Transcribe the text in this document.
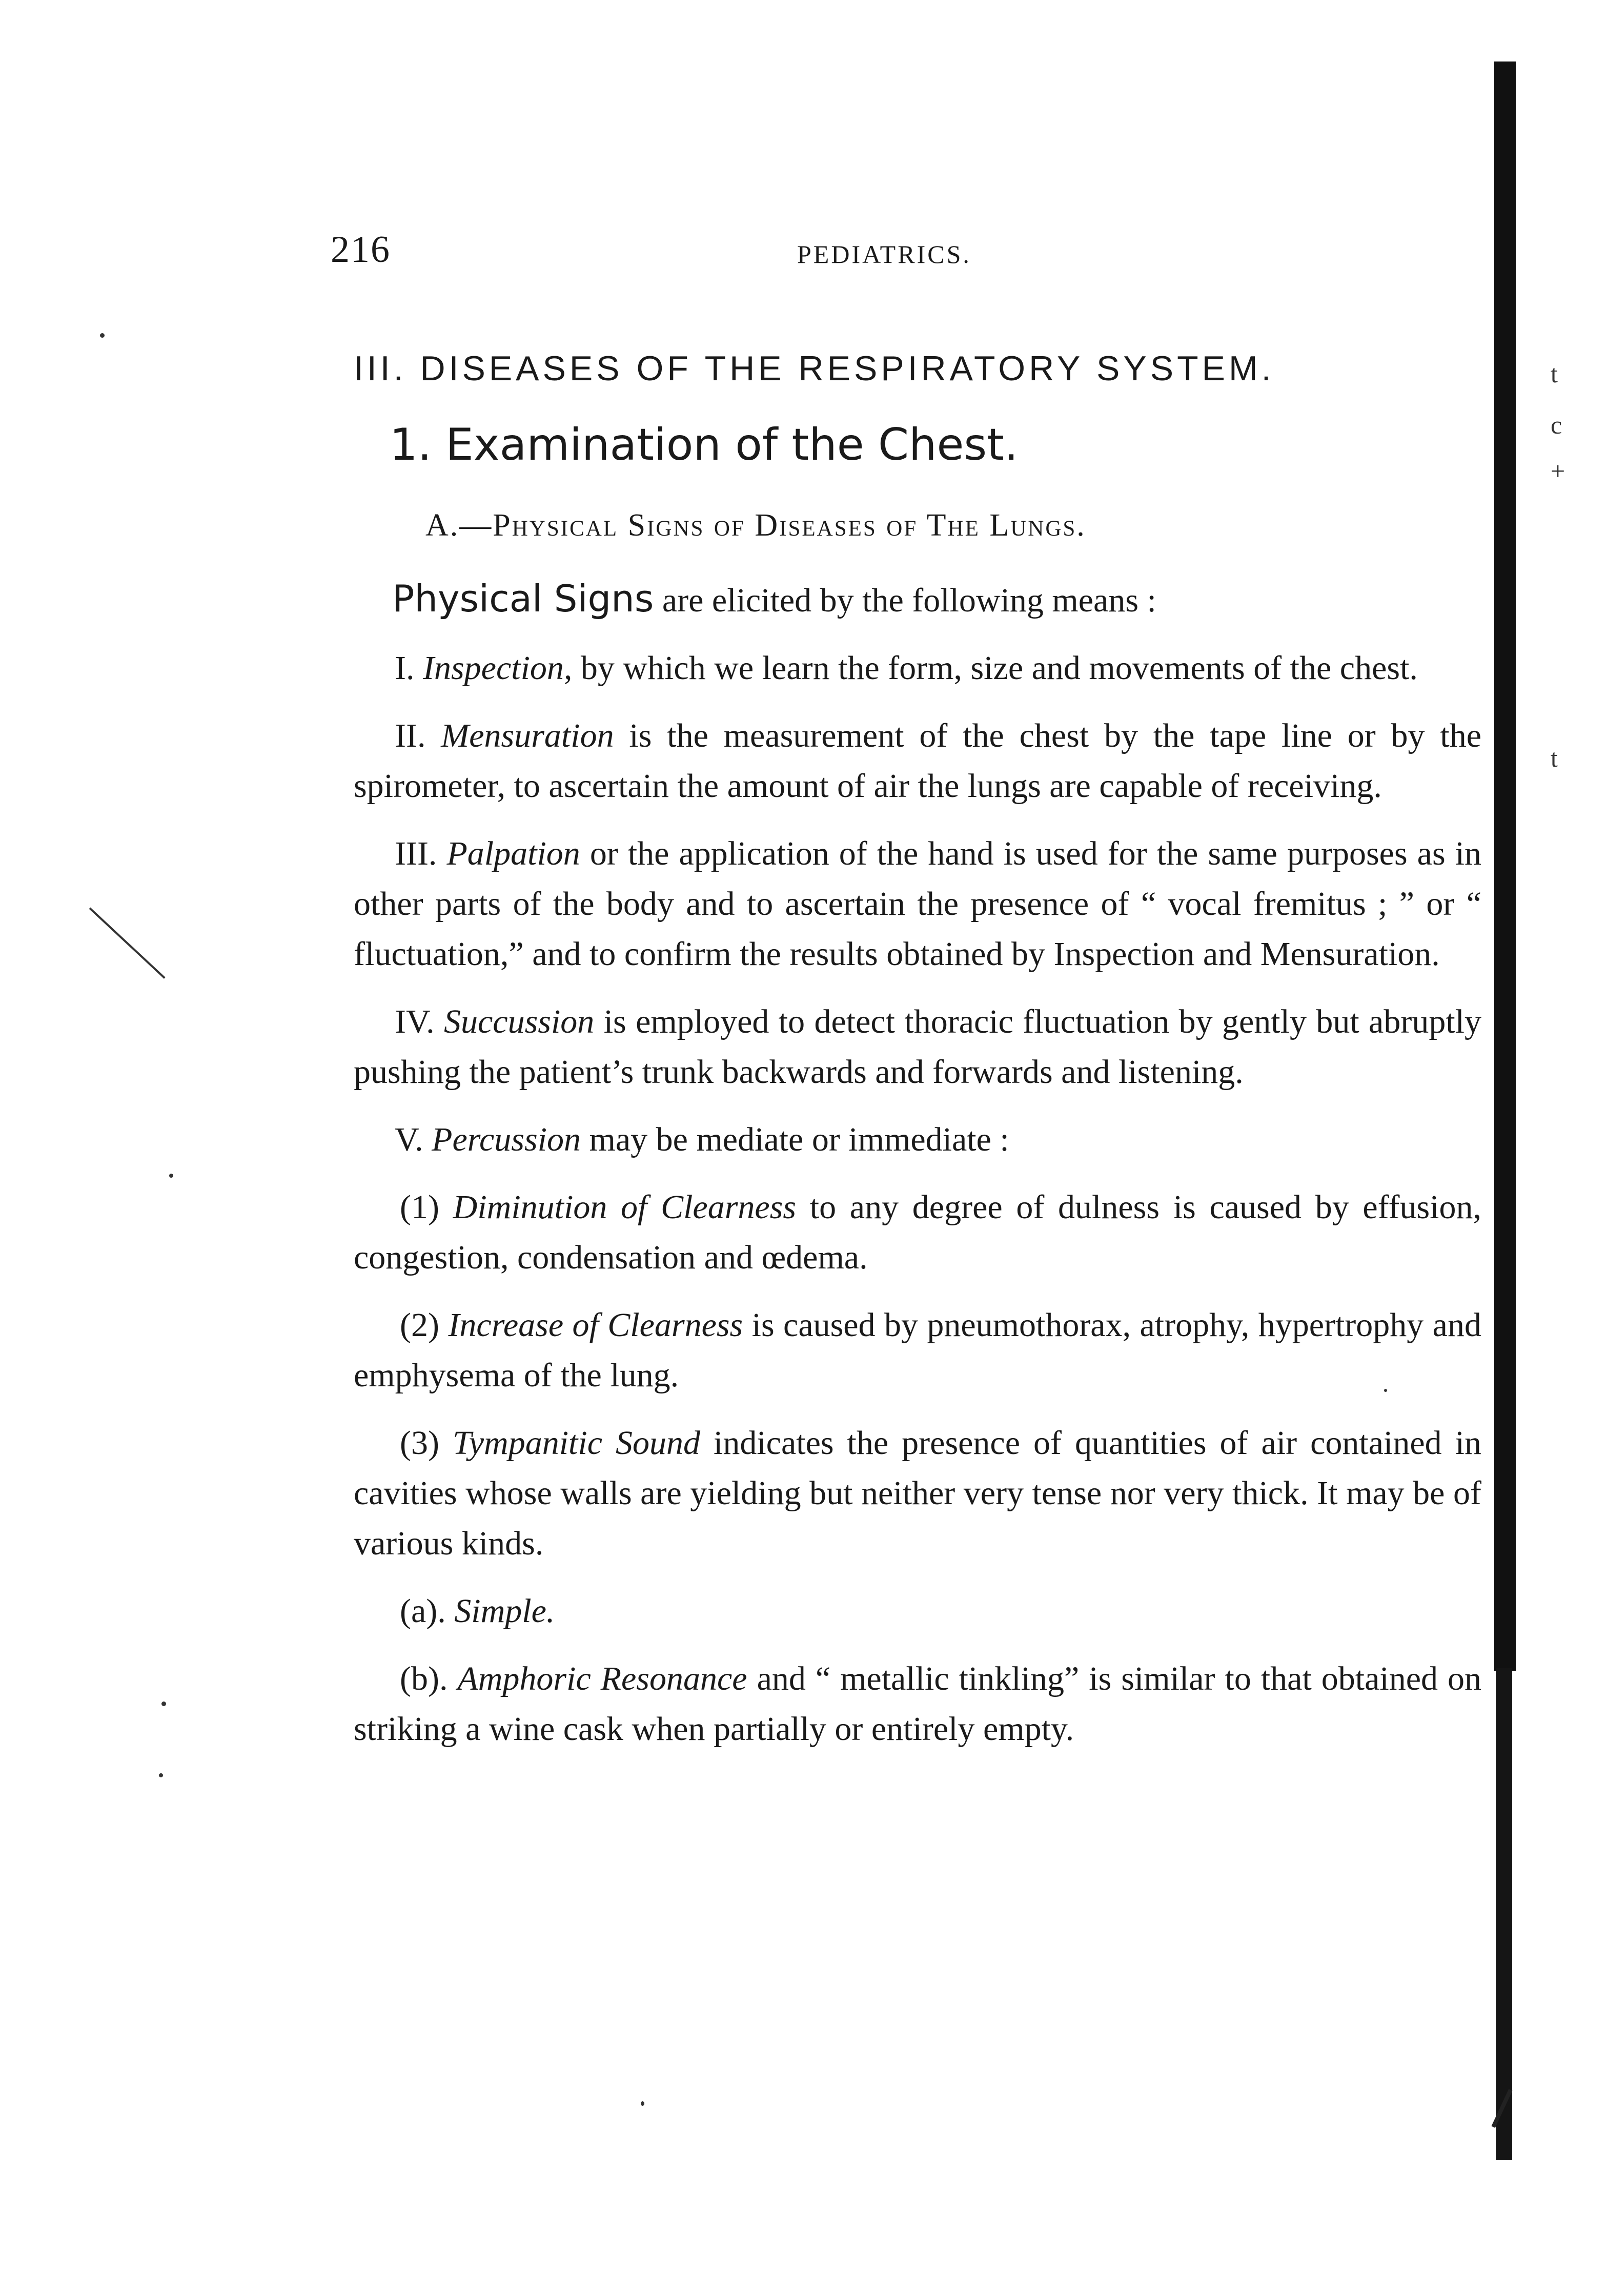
216	PEDIATRICS.
III. DISEASES OF THE RESPIRATORY SYSTEM.
1. Examination of the Chest.
A.—Physical Signs of Diseases of The Lungs.

Physical Signs are elicited by the following means :

I. Inspection, by which we learn the form, size and movements of the chest.

II. Mensuration is the measurement of the chest by the tape line or by the spirometer, to ascertain the amount of air the lungs are capable of receiving.

III. Palpation or the application of the hand is used for the same purposes as in other parts of the body and to ascertain the presence of “ vocal fremitus ; ” or “ fluctuation,” and to confirm the results obtained by Inspection and Mensuration.

IV. Succussion is employed to detect thoracic fluctuation by gently but abruptly pushing the patient’s trunk backwards and forwards and listening.

V. Percussion may be mediate or immediate :

(1) Diminution of Clearness to any degree of dulness is caused by effusion, congestion, condensation and œdema.

(2) Increase of Clearness is caused by pneumothorax, atrophy, hypertrophy and emphysema of the lung.

(3) Tympanitic Sound indicates the presence of quantities of air contained in cavities whose walls are yielding but neither very tense nor very thick. It may be of various kinds.

(a). Simple.

(b). Amphoric Resonance and “ metallic tinkling” is similar to that obtained on striking a wine cask when partially or entirely empty.

t
c
+
t
